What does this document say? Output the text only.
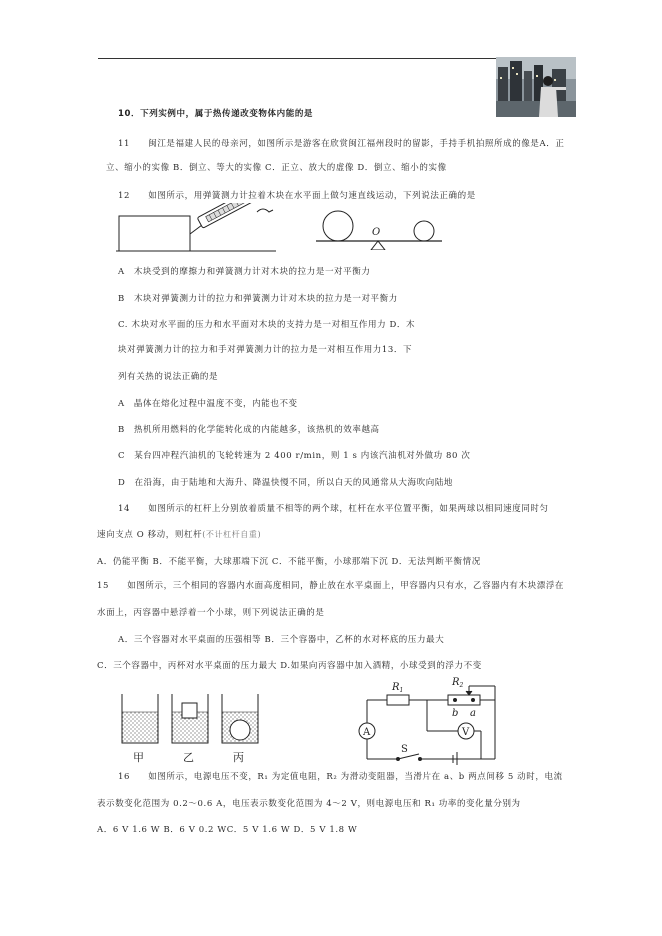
10．下列实例中，属于热传递改变物体内能的是
11　　闽江是福建人民的母亲河，如图所示是游客在欣赏闽江福州段时的留影，手持手机拍照所成的像是A．正
立、缩小的实像 B．倒立、等大的实像 C．正立、放大的虚像 D．倒立、缩小的实像
12　　如图所示，用弹簧测力计拉着木块在水平面上做匀速直线运动，下列说法正确的是
O
A　木块受到的摩擦力和弹簧测力计对木块的拉力是一对平衡力
B　木块对弹簧测力计的拉力和弹簧测力计对木块的拉力是一对平衡力
C. 木块对水平面的压力和水平面对木块的支持力是一对相互作用力 D．木
块对弹簧测力计的拉力和手对弹簧测力计的拉力是一对相互作用力13．下
列有关热的说法正确的是
A　晶体在熔化过程中温度不变，内能也不变
B　热机所用燃料的化学能转化成的内能越多，该热机的效率越高
C　某台四冲程汽油机的飞轮转速为 2 400 r/min，则 1 s 内该汽油机对外做功 80 次
D　在沿海，由于陆地和大海升、降温快慢不同，所以白天的风通常从大海吹向陆地
14　　如图所示的杠杆上分别放着质量不相等的两个球，杠杆在水平位置平衡，如果两球以相同速度同时匀
速向支点 O 移动，则杠杆(不计杠杆自重)
A．仍能平衡 B．不能平衡，大球那端下沉 C．不能平衡，小球那端下沉 D．无法判断平衡情况
15　　如图所示，三个相同的容器内水面高度相同，静止放在水平桌面上，甲容器内只有水，乙容器内有木块漂浮在
水面上，丙容器中悬浮着一个小球，则下列说法正确的是
A．三个容器对水平桌面的压强相等 B．三个容器中，乙杯的水对杯底的压力最大
C．三个容器中，丙杯对水平桌面的压力最大 D.如果向丙容器中加入酒精，小球受到的浮力不变
甲	乙	丙
$R_1$
$R_2$
b a
A	V
S
16　　如图所示，电源电压不变，R₁ 为定值电阻，R₂ 为滑动变阻器，当滑片在 a、b 两点间移 5 动时，电流
表示数变化范围为 0.2～0.6 A，电压表示数变化范围为 4～2 V，则电源电压和 R₁ 功率的变化量分别为
A．6 V 1.6 W B．6 V 0.2 WC．5 V 1.6 W D．5 V 1.8 W
